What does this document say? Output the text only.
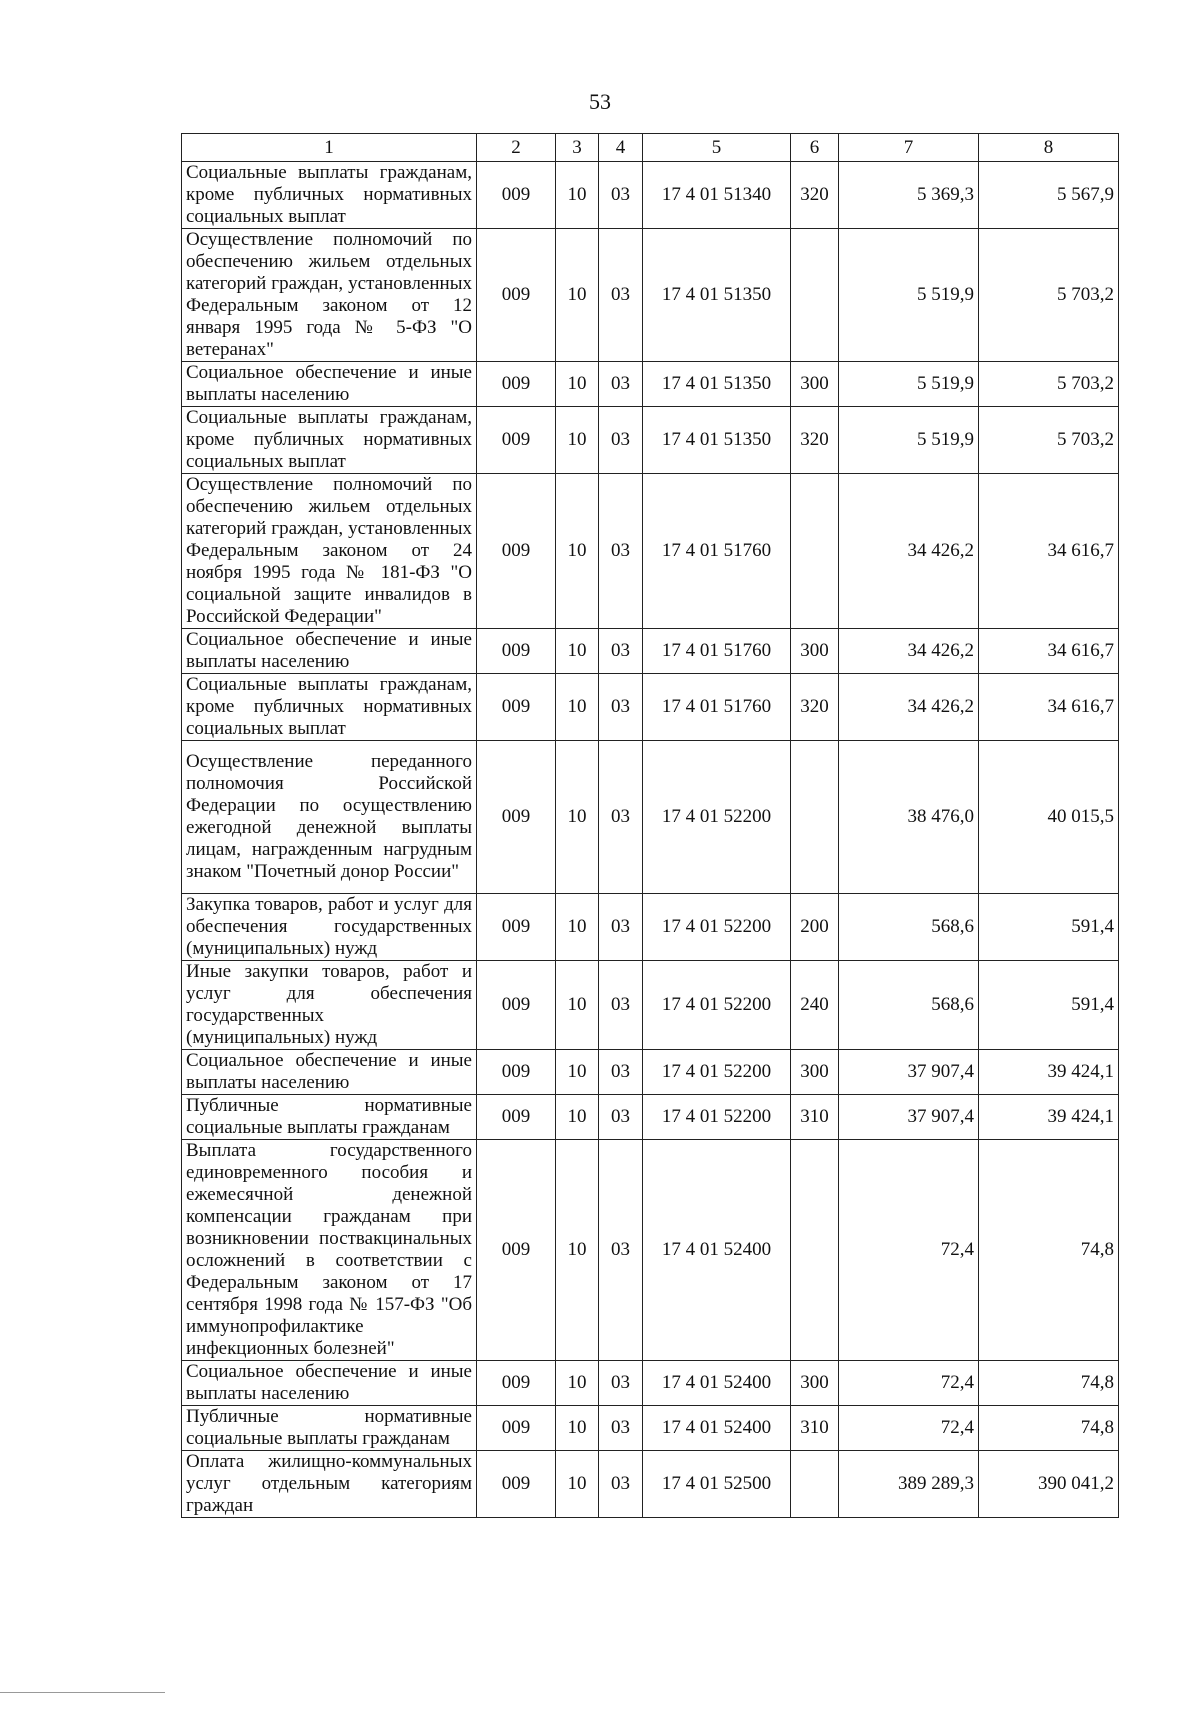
53
1	2	3	4	5	6	7	8
Социальные выплаты гражданам, кроме публичных нормативных социальных выплат	009	10	03	17 4 01 51340	320	5 369,3	5 567,9
Осуществление полномочий по обеспечению жильем отдельных категорий граждан, установленных Федеральным законом от 12 января 1995 года № 5-ФЗ "О ветеранах"	009	10	03	17 4 01 51350		5 519,9	5 703,2
Социальное обеспечение и иные выплаты населению	009	10	03	17 4 01 51350	300	5 519,9	5 703,2
Социальные выплаты гражданам, кроме публичных нормативных социальных выплат	009	10	03	17 4 01 51350	320	5 519,9	5 703,2
Осуществление полномочий по обеспечению жильем отдельных категорий граждан, установленных Федеральным законом от 24 ноября 1995 года № 181-ФЗ "О социальной защите инвалидов в Российской Федерации"	009	10	03	17 4 01 51760		34 426,2	34 616,7
Социальное обеспечение и иные выплаты населению	009	10	03	17 4 01 51760	300	34 426,2	34 616,7
Социальные выплаты гражданам, кроме публичных нормативных социальных выплат	009	10	03	17 4 01 51760	320	34 426,2	34 616,7
Осуществление переданного полномочия Российской Федерации по осуществлению ежегодной денежной выплаты лицам, награжденным нагрудным знаком "Почетный донор России"	009	10	03	17 4 01 52200		38 476,0	40 015,5
Закупка товаров, работ и услуг для обеспечения государственных (муниципальных) нужд	009	10	03	17 4 01 52200	200	568,6	591,4
Иные закупки товаров, работ и услуг для обеспечения государственных (муниципальных) нужд	009	10	03	17 4 01 52200	240	568,6	591,4
Социальное обеспечение и иные выплаты населению	009	10	03	17 4 01 52200	300	37 907,4	39 424,1
Публичные нормативные социальные выплаты гражданам	009	10	03	17 4 01 52200	310	37 907,4	39 424,1
Выплата государственного единовременного пособия и ежемесячной денежной компенсации гражданам при возникновении поствакцинальных осложнений в соответствии с Федеральным законом от 17 сентября 1998 года № 157-ФЗ "Об иммунопрофилактике инфекционных болезней"	009	10	03	17 4 01 52400		72,4	74,8
Социальное обеспечение и иные выплаты населению	009	10	03	17 4 01 52400	300	72,4	74,8
Публичные нормативные социальные выплаты гражданам	009	10	03	17 4 01 52400	310	72,4	74,8
Оплата жилищно-коммунальных услуг отдельным категориям граждан	009	10	03	17 4 01 52500		389 289,3	390 041,2
